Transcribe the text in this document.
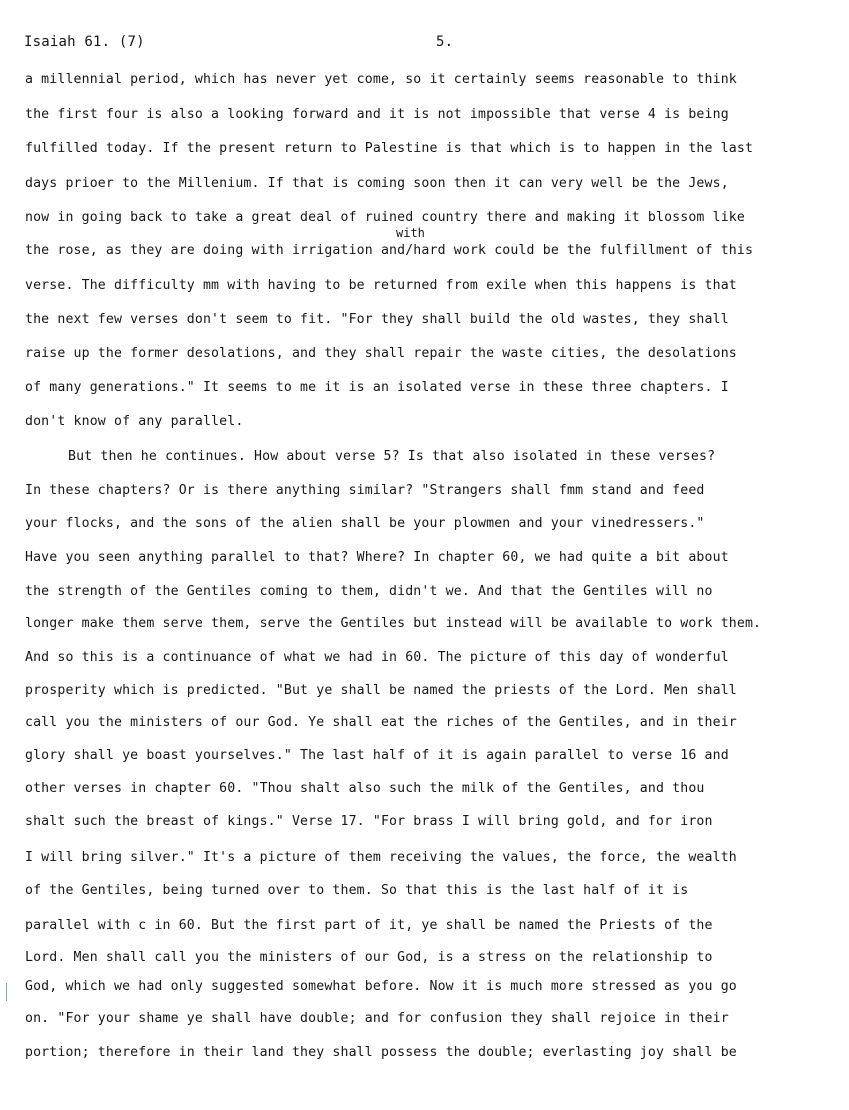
Isaiah 61. (7)	5.
with
a millennial period, which has never yet come, so it certainly seems reasonable to think
the first four is also a looking forward and it is not impossible that verse 4 is being
fulfilled today. If the present return to Palestine is that which is to happen in the last
days prioer to the Millenium. If that is coming soon then it can very well be the Jews,
now in going back to take a great deal of ruined country there and making it blossom like
the rose, as they are doing with irrigation and/hard work could be the fulfillment of this
verse. The difficulty mm with having to be returned from exile when this happens is that
the next few verses don't seem to fit. "For they shall build the old wastes, they shall
raise up the former desolations, and they shall repair the waste cities, the desolations
of many generations." It seems to me it is an isolated verse in these three chapters. I
don't know of any parallel.
But then he continues. How about verse 5? Is that also isolated in these verses?
In these chapters? Or is there anything similar? "Strangers shall fmm stand and feed
your flocks, and the sons of the alien shall be your plowmen and your vinedressers."
Have you seen anything parallel to that? Where? In chapter 60, we had quite a bit about
the strength of the Gentiles coming to them, didn't we. And that the Gentiles will no
longer make them serve them, serve the Gentiles but instead will be available to work them.
And so this is a continuance of what we had in 60. The picture of this day of wonderful
prosperity which is predicted. "But ye shall be named the priests of the Lord. Men shall
call you the ministers of our God. Ye shall eat the riches of the Gentiles, and in their
glory shall ye boast yourselves." The last half of it is again parallel to verse 16 and
other verses in chapter 60. "Thou shalt also such the milk of the Gentiles, and thou
shalt such the breast of kings." Verse 17. "For brass I will bring gold, and for iron
I will bring silver." It's a picture of them receiving the values, the force, the wealth
of the Gentiles, being turned over to them. So that this is the last half of it is
parallel with c in 60. But the first part of it, ye shall be named the Priests of the
Lord. Men shall call you the ministers of our God, is a stress on the relationship to
God, which we had only suggested somewhat before. Now it is much more stressed as you go
on. "For your shame ye shall have double; and for confusion they shall rejoice in their
portion; therefore in their land they shall possess the double; everlasting joy shall be
